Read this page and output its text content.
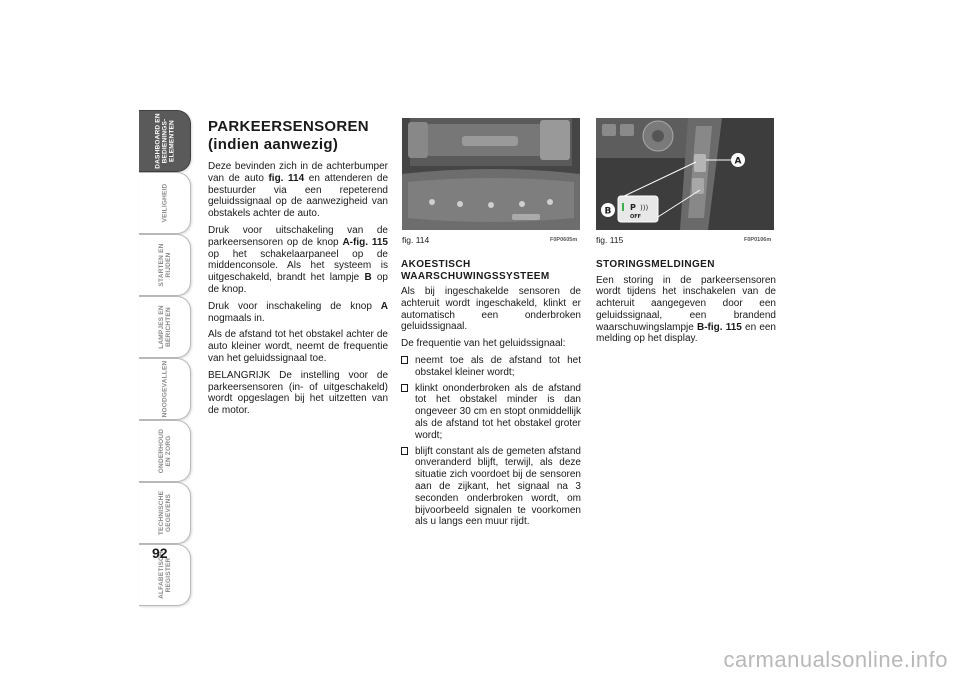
DASHBOARD EN
BEDIENINGS-
ELEMENTEN
VEILIGHEID
STARTEN EN
RIJDEN
LAMPJES EN
BERICHTEN
NOODGEVALLEN
ONDERHOUD
EN ZORG
TECHNISCHE
GEGEVENS
ALFABETISCH
REGISTER
92
PARKEERSENSOREN
(indien aanwezig)

Deze bevinden zich in de achterbumper van de auto fig. 114 en attenderen de bestuurder via een repeterend geluidssignaal op de aanwezigheid van obstakels achter de auto.

Druk voor uitschakeling van de parkeersensoren op de knop A-fig. 115 op het schakelaarpaneel op de middenconsole. Als het systeem is uitgeschakeld, brandt het lampje B op de knop.

Druk voor inschakeling de knop A nogmaals in.

Als de afstand tot het obstakel achter de auto kleiner wordt, neemt de frequentie van het geluidssignaal toe.

BELANGRIJK De instelling voor de parkeersensoren (in- of uitgeschakeld) wordt opgeslagen bij het uitzetten van de motor.

fig. 114	F0P0605m
AKOESTISCH WAARSCHUWINGSSYSTEEM

Als bij ingeschakelde sensoren de achteruit wordt ingeschakeld, klinkt er automatisch een onderbroken geluidssignaal.

De frequentie van het geluidssignaal:

neemt toe als de afstand tot het obstakel kleiner wordt;
klinkt ononderbroken als de afstand tot het obstakel minder is dan ongeveer 30 cm en stopt onmiddellijk als de afstand tot het obstakel groter wordt;
blijft constant als de gemeten afstand onveranderd blijft, terwijl, als deze situatie zich voordoet bij de sensoren aan de zijkant, het signaal na 3 seconden onderbroken wordt, om bijvoorbeeld signalen te voorkomen als u langs een muur rijdt.
P )))
OFF
B
A
fig. 115	F0P0106m
STORINGSMELDINGEN

Een storing in de parkeersensoren wordt tijdens het inschakelen van de achteruit aangegeven door een geluidssignaal, een brandend waarschuwingslampje B-fig. 115 en een melding op het display.

carmanualsonline.info
